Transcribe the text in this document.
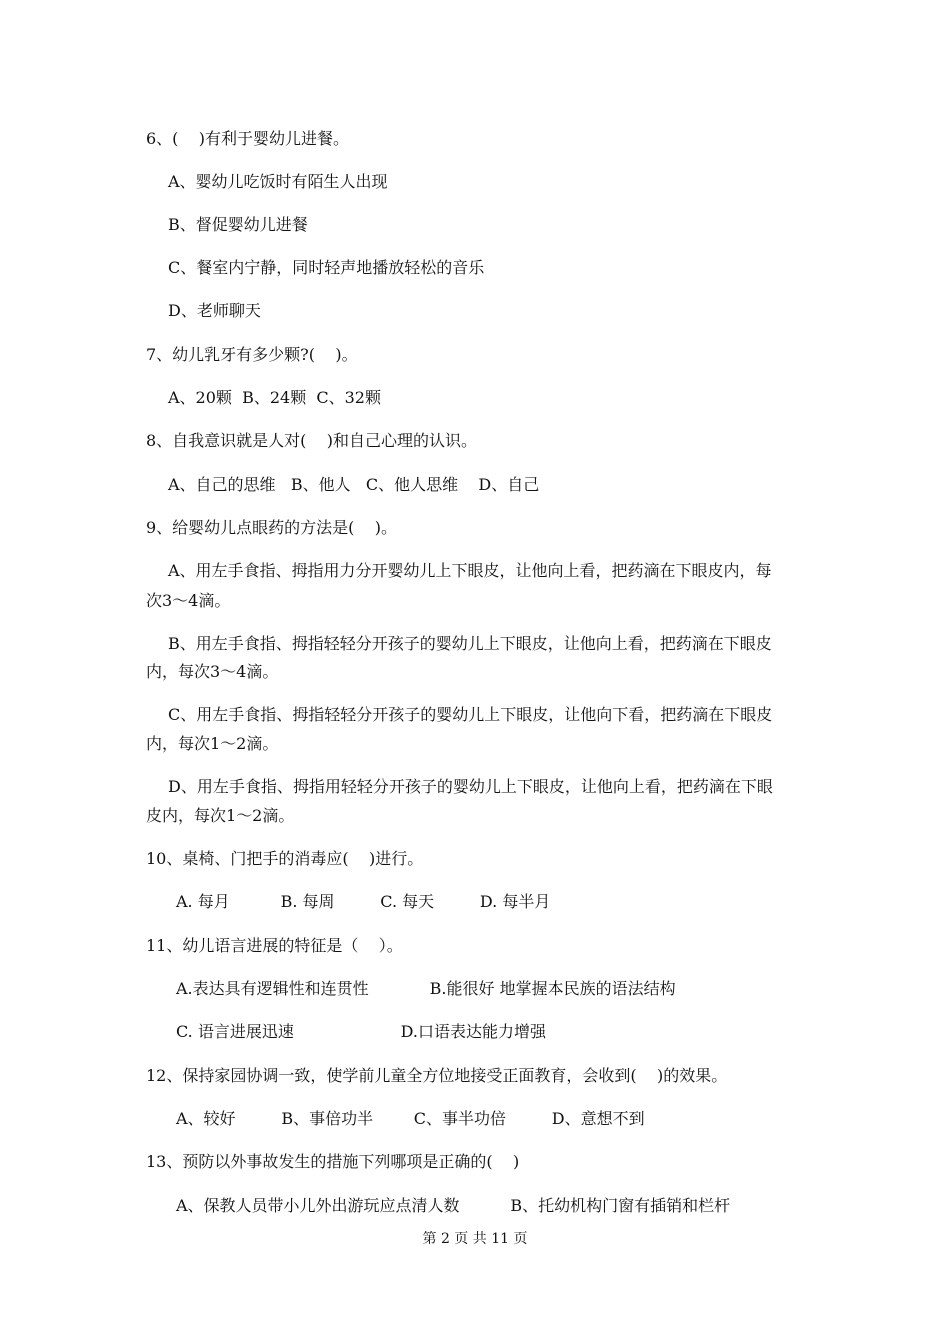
6、(    )有利于婴幼儿进餐。
A、婴幼儿吃饭时有陌生人出现
B、督促婴幼儿进餐
C、餐室内宁静，同时轻声地播放轻松的音乐
D、老师聊天
7、幼儿乳牙有多少颗?(    )。
A、20颗  B、24颗  C、32颗
8、自我意识就是人对(    )和自己心理的认识。
A、自己的思维   B、他人   C、他人思维    D、自己
9、给婴幼儿点眼药的方法是(    )。
A、用左手食指、拇指用力分开婴幼儿上下眼皮，让他向上看，把药滴在下眼皮内，每
次3～4滴。
B、用左手食指、拇指轻轻分开孩子的婴幼儿上下眼皮，让他向上看，把药滴在下眼皮
内，每次3～4滴。
C、用左手食指、拇指轻轻分开孩子的婴幼儿上下眼皮，让他向下看，把药滴在下眼皮
内，每次1～2滴。
D、用左手食指、拇指用轻轻分开孩子的婴幼儿上下眼皮，让他向上看，把药滴在下眼
皮内，每次1～2滴。
10、桌椅、门把手的消毒应(    )进行。
A. 每月          B. 每周         C. 每天         D. 每半月
11、幼儿语言进展的特征是（    ）。
A.表达具有逻辑性和连贯性            B.能很好 地掌握本民族的语法结构
C. 语言进展迅速                     D.口语表达能力增强
12、保持家园协调一致，使学前儿童全方位地接受正面教育，会收到(    )的效果。
A、较好         B、事倍功半        C、事半功倍         D、意想不到
13、预防以外事故发生的措施下列哪项是正确的(    )
A、保教人员带小儿外出游玩应点清人数          B、托幼机构门窗有插销和栏杆
第 2 页 共 11 页
